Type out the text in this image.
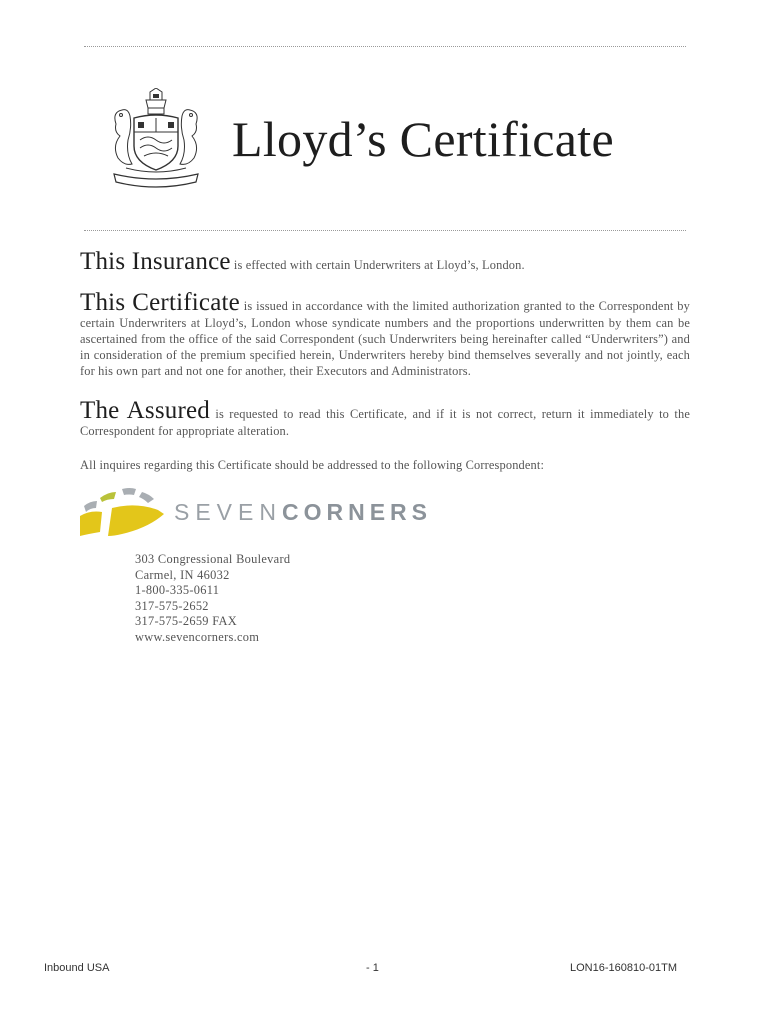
Lloyd’s Certificate

This Insurance is effected with certain Underwriters at Lloyd’s, London.

This Certificate is issued in accordance with the limited authorization granted to the Correspondent by certain Underwriters at Lloyd’s, London whose syndicate numbers and the proportions underwritten by them can be ascertained from the office of the said Correspondent (such Underwriters being hereinafter called “Underwriters”) and in consideration of the premium specified herein, Underwriters hereby bind themselves severally and not jointly, each for his own part and not one for another, their Executors and Administrators.

The Assured is requested to read this Certificate, and if it is not correct, return it immediately to the Correspondent for appropriate alteration.

All inquires regarding this Certificate should be addressed to the following Correspondent:

SEVENCORNERS
303 Congressional Boulevard
Carmel, IN 46032
1-800-335-0611
317-575-2652
317-575-2659 FAX
www.sevencorners.com
Inbound USA	- 1	LON16-160810-01TM
